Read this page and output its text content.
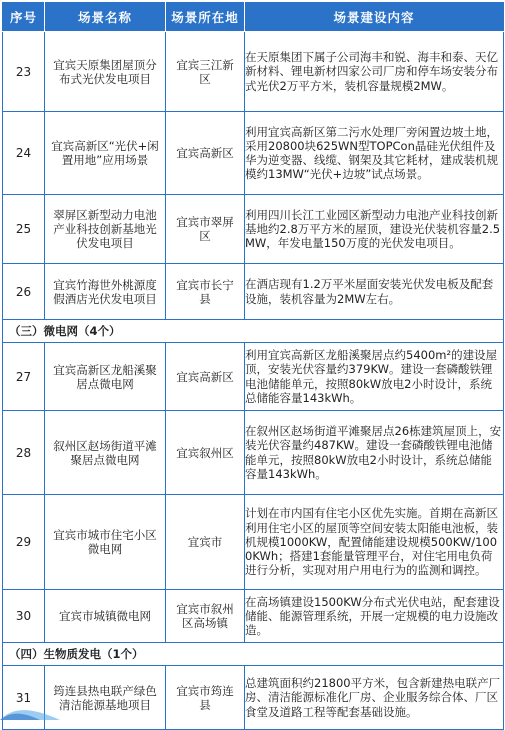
序号	场景名称	场景所在地	场景建设内容
23	宜宾天原集团屋顶分布式光伏发电项目	宜宾三江新区	在天原集团下属子公司海丰和锐、海丰和泰、天亿新材料、锂电新材四家公司厂房和停车场安装分布式光伏2万平方米，装机容量规模2MW。
24	宜宾高新区“光伏+闲置用地”应用场景	宜宾高新区	利用宜宾高新区第二污水处理厂旁闲置边坡土地，采用20800块625WN型TOPCon晶硅光伏组件及华为逆变器、线缆、钢架及其它耗材，建成装机规模约13MW“光伏+边坡”试点场景。
25	翠屏区新型动力电池产业科技创新基地光伏发电项目	宜宾市翠屏区	利用四川长江工业园区新型动力电池产业科技创新基地约2.8万平方米的屋顶，建设光伏装机容量2.5MW，年发电量150万度的光伏发电项目。
26	宜宾竹海世外桃源度假酒店光伏发电项目	宜宾市长宁县	在酒店现有1.2万平米屋面安装光伏发电板及配套设施，装机容量为2MW左右。
（三）微电网（4个）			
27	宜宾高新区龙船溪聚居点微电网	宜宾高新区	利用宜宾高新区龙船溪聚居点约5400m²的建设屋顶，安装光伏容量约379KW。建设一套磷酸铁锂电池储能单元，按照80kW放电2小时设计，系统总储能容量143kWh。
28	叙州区赵场街道平滩聚居点微电网	宜宾叙州区	在叙州区赵场街道平滩聚居点26栋建筑屋顶上，安装光伏容量约487KW。建设一套磷酸铁锂电池储能单元，按照80kW放电2小时设计，系统总储能容量143kWh。
29	宜宾市城市住宅小区微电网	宜宾市	计划在市内国有住宅小区优先实施。首期在高新区利用住宅小区的屋顶等空间安装太阳能电池板，装机规模1000KW，配置储能建设规模500KW/1000KWh；搭建1套能量管理平台，对住宅用电负荷进行分析，实现对用户用电行为的监测和调控。
30	宜宾市城镇微电网	宜宾市叙州区高场镇	在高场镇建设1500KW分布式光伏电站，配套建设储能、能源管理系统，开展一定规模的电力设施改造。
（四）生物质发电（1个）			
31	筠连县热电联产绿色清洁能源基地项目	宜宾市筠连县	总建筑面积约21800平方米，包含新建热电联产厂房、清洁能源标准化厂房、企业服务综合体、厂区食堂及道路工程等配套基础设施。
